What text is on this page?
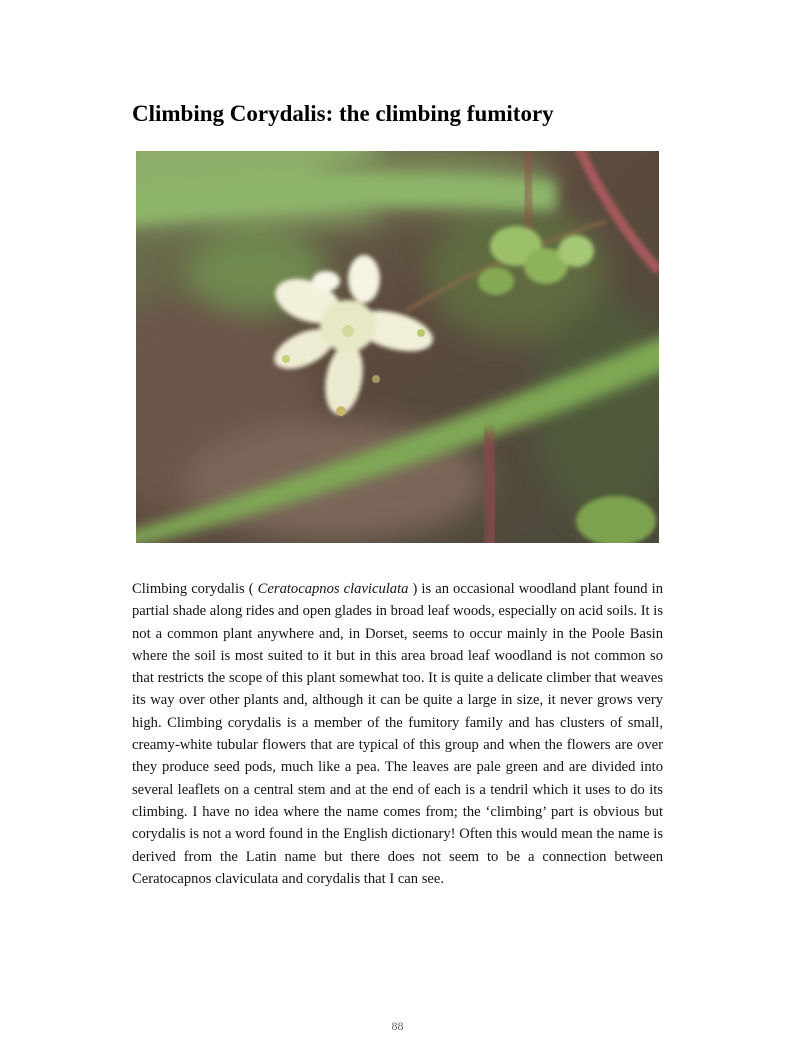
Climbing Corydalis: the climbing fumitory

Climbing corydalis ( Ceratocapnos claviculata ) is an occasional woodland plant found in partial shade along rides and open glades in broad leaf woods, especially on acid soils. It is not a common plant anywhere and, in Dorset, seems to occur mainly in the Poole Basin where the soil is most suited to it but in this area broad leaf woodland is not common so that restricts the scope of this plant somewhat too. It is quite a delicate climber that weaves its way over other plants and, although it can be quite a large in size, it never grows very high. Climbing corydalis is a member of the fumitory family and has clusters of small, creamy-white tubular flowers that are typical of this group and when the flowers are over they produce seed pods, much like a pea. The leaves are pale green and are divided into several leaflets on a central stem and at the end of each is a tendril which it uses to do its climbing. I have no idea where the name comes from; the ‘climbing’ part is obvious but corydalis is not a word found in the English dictionary! Often this would mean the name is derived from the Latin name but there does not seem to be a connection between Ceratocapnos claviculata and corydalis that I can see.

88
